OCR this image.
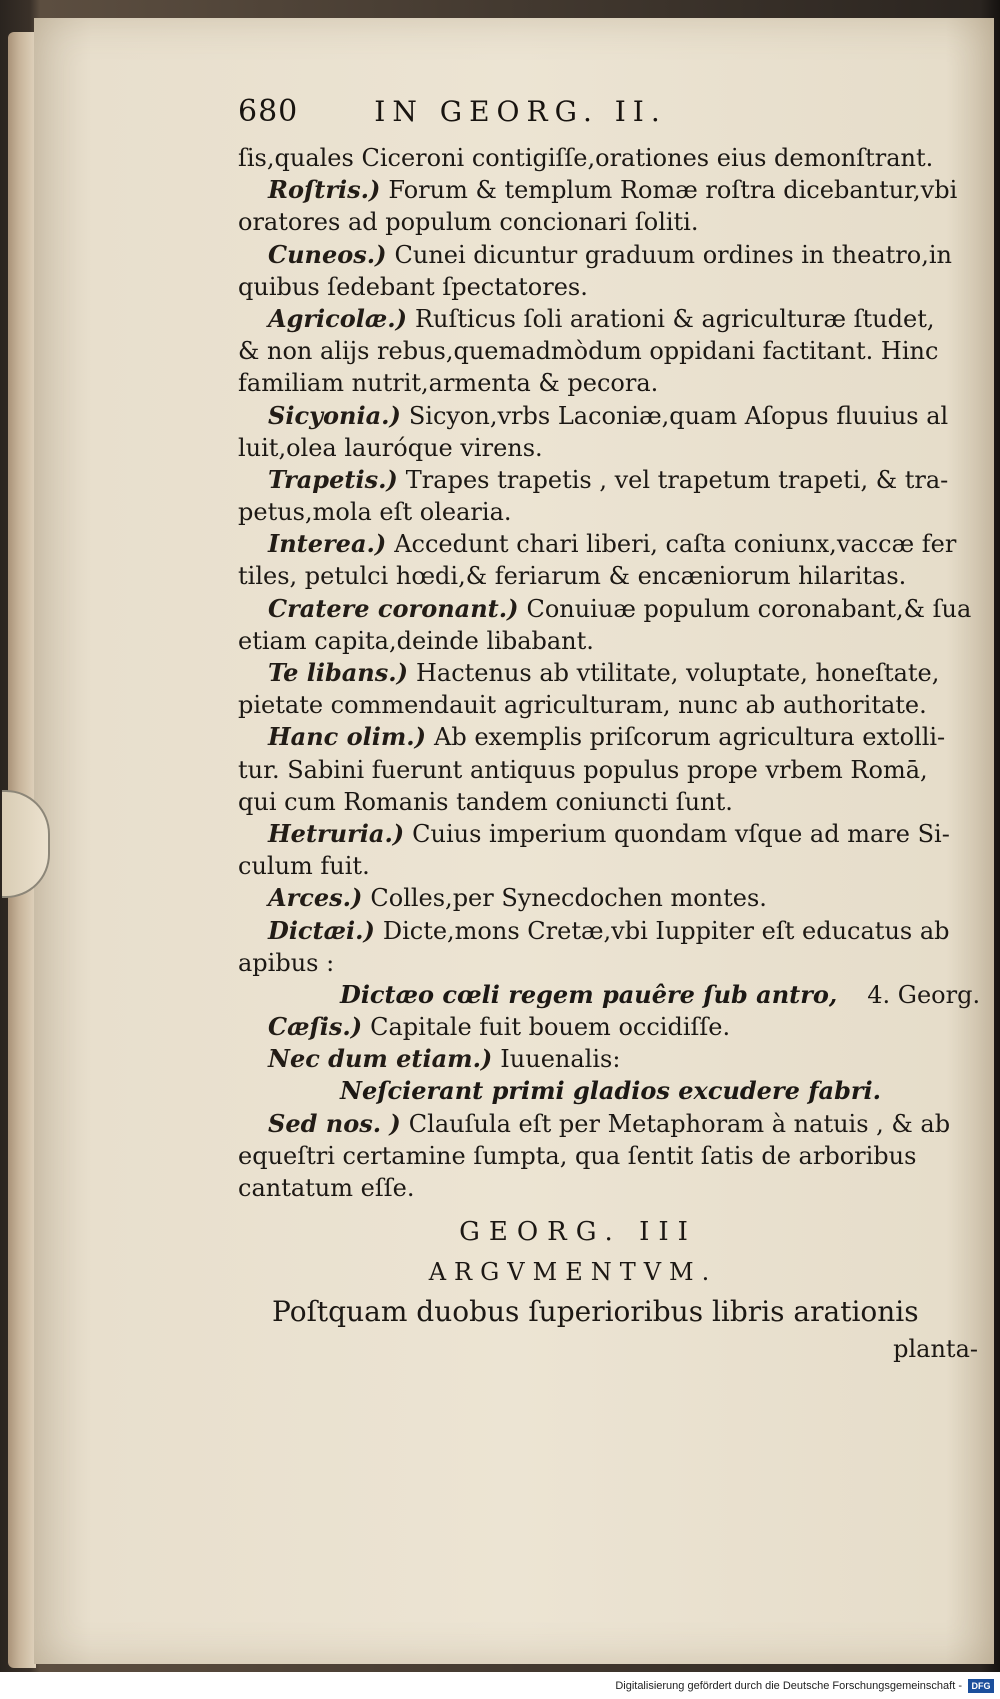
680	IN GEORG. II.
ſis,quales Ciceroni contigiſſe,orationes eius demonſtrant.
Roſtris.) Forum & templum Romæ roſtra dicebantur,vbi
oratores ad populum concionari ſoliti.
Cuneos.) Cunei dicuntur graduum ordines in theatro,in
quibus ſedebant ſpectatores.
Agricolæ.) Ruſticus ſoli arationi & agriculturæ ſtudet,
& non alijs rebus,quemadmòdum oppidani factitant. Hinc
familiam nutrit,armenta & pecora.
Sicyonia.) Sicyon,vrbs Laconiæ,quam Aſopus fluuius al
luit,olea lauróque virens.
Trapetis.) Trapes trapetis , vel trapetum trapeti, & tra-
petus,mola eſt olearia.
Interea.) Accedunt chari liberi, caſta coniunx,vaccæ fer
tiles, petulci hœdi,& feriarum & encæniorum hilaritas.
Cratere coronant.) Conuiuæ populum coronabant,& ſua
etiam capita,deinde libabant.
Te libans.) Hactenus ab vtilitate, voluptate, honeſtate,
pietate commendauit agriculturam, nunc ab authoritate.
Hanc olim.) Ab exemplis priſcorum agricultura extolli-
tur. Sabini fuerunt antiquus populus prope vrbem Romā,
qui cum Romanis tandem coniuncti ſunt.
Hetruria.) Cuius imperium quondam vſque ad mare Si-
culum fuit.
Arces.) Colles,per Synecdochen montes.
Dictæi.) Dicte,mons Cretæ,vbi Iuppiter eſt educatus ab
apibus :
Dictæo cœli regem pauêre ſub antro, 4. Georg.
Cæſis.) Capitale fuit bouem occidiſſe.
Nec dum etiam.) Iuuenalis:
Neſcierant primi gladios excudere fabri.
Sed nos. ) Clauſula eſt per Metaphoram à natuis , & ab
equeſtri certamine ſumpta, qua ſentit ſatis de arboribus
cantatum eſſe.
GEORG. III
ARGVMENTVM.
Poſtquam duobus ſuperioribus libris arationis
planta-
Digitalisierung gefördert durch die Deutsche Forschungsgemeinschaft -	DFG
